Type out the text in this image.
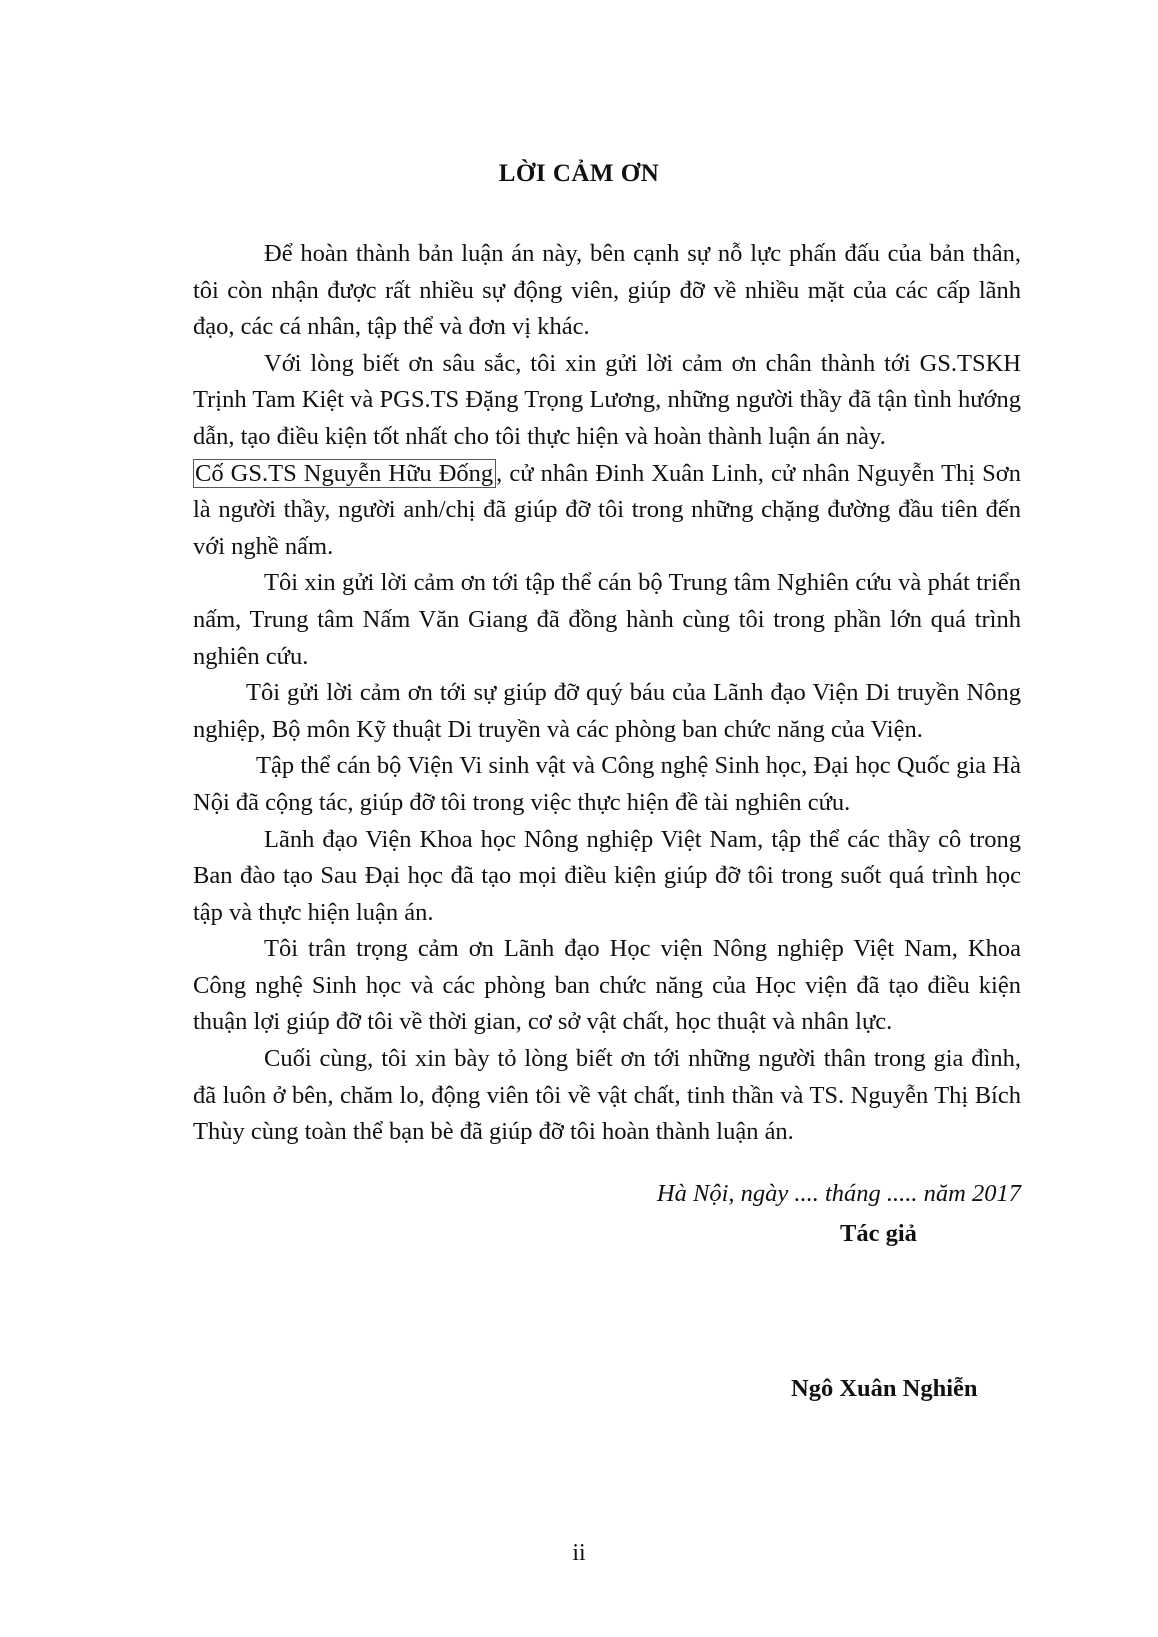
LỜI CẢM ƠN

Để hoàn thành bản luận án này, bên cạnh sự nỗ lực phấn đấu của bản thân, tôi còn nhận được rất nhiều sự động viên, giúp đỡ về nhiều mặt của các cấp lãnh đạo, các cá nhân, tập thể và đơn vị khác.

Với lòng biết ơn sâu sắc, tôi xin gửi lời cảm ơn chân thành tới GS.TSKH Trịnh Tam Kiệt và PGS.TS Đặng Trọng Lương, những người thầy đã tận tình hướng dẫn, tạo điều kiện tốt nhất cho tôi thực hiện và hoàn thành luận án này.

Cố GS.TS Nguyễn Hữu Đống , cử nhân Đinh Xuân Linh, cử nhân Nguyễn Thị Sơn là người thầy, người anh/chị đã giúp đỡ tôi trong những chặng đường đầu tiên đến với nghề nấm.

Tôi xin gửi lời cảm ơn tới tập thể cán bộ Trung tâm Nghiên cứu và phát triển nấm, Trung tâm Nấm Văn Giang đã đồng hành cùng tôi trong phần lớn quá trình nghiên cứu.

Tôi gửi lời cảm ơn tới sự giúp đỡ quý báu của Lãnh đạo Viện Di truyền Nông nghiệp, Bộ môn Kỹ thuật Di truyền và các phòng ban chức năng của Viện.

Tập thể cán bộ Viện Vi sinh vật và Công nghệ Sinh học, Đại học Quốc gia Hà Nội đã cộng tác, giúp đỡ tôi trong việc thực hiện đề tài nghiên cứu.

Lãnh đạo Viện Khoa học Nông nghiệp Việt Nam, tập thể các thầy cô trong Ban đào tạo Sau Đại học đã tạo mọi điều kiện giúp đỡ tôi trong suốt quá trình học tập và thực hiện luận án.

Tôi trân trọng cảm ơn Lãnh đạo Học viện Nông nghiệp Việt Nam, Khoa Công nghệ Sinh học và các phòng ban chức năng của Học viện đã tạo điều kiện thuận lợi giúp đỡ tôi về thời gian, cơ sở vật chất, học thuật và nhân lực.

Cuối cùng, tôi xin bày tỏ lòng biết ơn tới những người thân trong gia đình, đã luôn ở bên, chăm lo, động viên tôi về vật chất, tinh thần và TS. Nguyễn Thị Bích Thùy cùng toàn thể bạn bè đã giúp đỡ tôi hoàn thành luận án.

Hà Nội, ngày .... tháng ..... năm 2017
Tác giả
Ngô Xuân Nghiễn
ii
